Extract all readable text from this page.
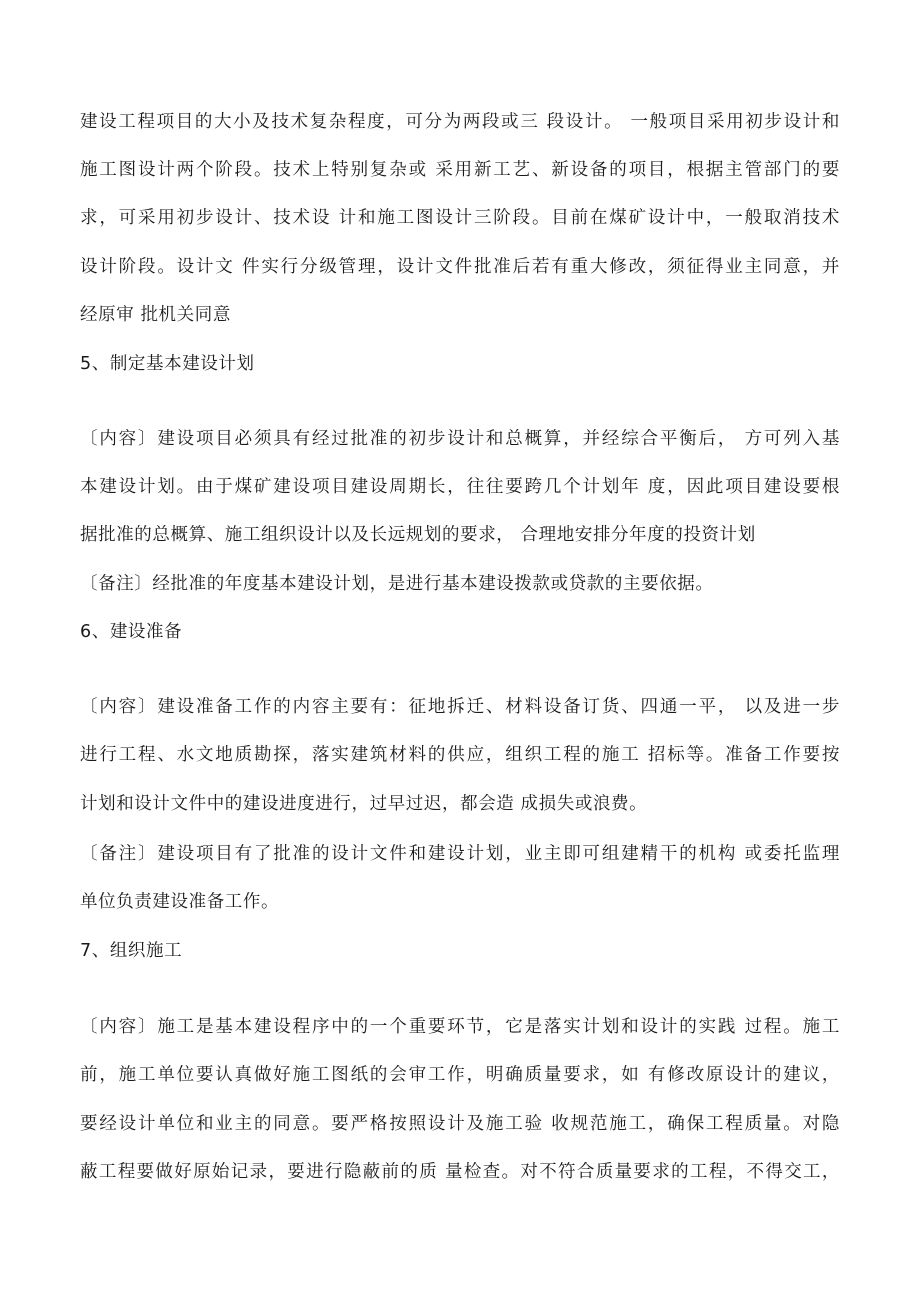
建设工程项目的大小及技术复杂程度，可分为两段或三 段设计。 一般项目采用初步设计和
施工图设计两个阶段。技术上特别复杂或 采用新工艺、新设备的项目，根据主管部门的要
求，可采用初步设计、技术设 计和施工图设计三阶段。目前在煤矿设计中，一般取消技术
设计阶段。设计文 件实行分级管理，设计文件批准后若有重大修改，须征得业主同意，并
经原审 批机关同意
5、制定基本建设计划
〔内容〕建设项目必须具有经过批准的初步设计和总概算，并经综合平衡后， 方可列入基
本建设计划。由于煤矿建设项目建设周期长，往往要跨几个计划年 度，因此项目建设要根
据批准的总概算、施工组织设计以及长远规划的要求， 合理地安排分年度的投资计划
〔备注〕经批准的年度基本建设计划，是进行基本建设拨款或贷款的主要依据。
6、建设准备
〔内容〕建设准备工作的内容主要有：征地拆迁、材料设备订货、四通一平， 以及进一步
进行工程、水文地质勘探，落实建筑材料的供应，组织工程的施工 招标等。准备工作要按
计划和设计文件中的建设进度进行，过早过迟，都会造 成损失或浪费。
〔备注〕建设项目有了批准的设计文件和建设计划，业主即可组建精干的机构 或委托监理
单位负责建设准备工作。
7、组织施工
〔内容〕施工是基本建设程序中的一个重要环节，它是落实计划和设计的实践 过程。施工
前，施工单位要认真做好施工图纸的会审工作，明确质量要求，如 有修改原设计的建议，
要经设计单位和业主的同意。要严格按照设计及施工验 收规范施工，确保工程质量。对隐
蔽工程要做好原始记录，要进行隐蔽前的质 量检查。对不符合质量要求的工程，不得交工，
